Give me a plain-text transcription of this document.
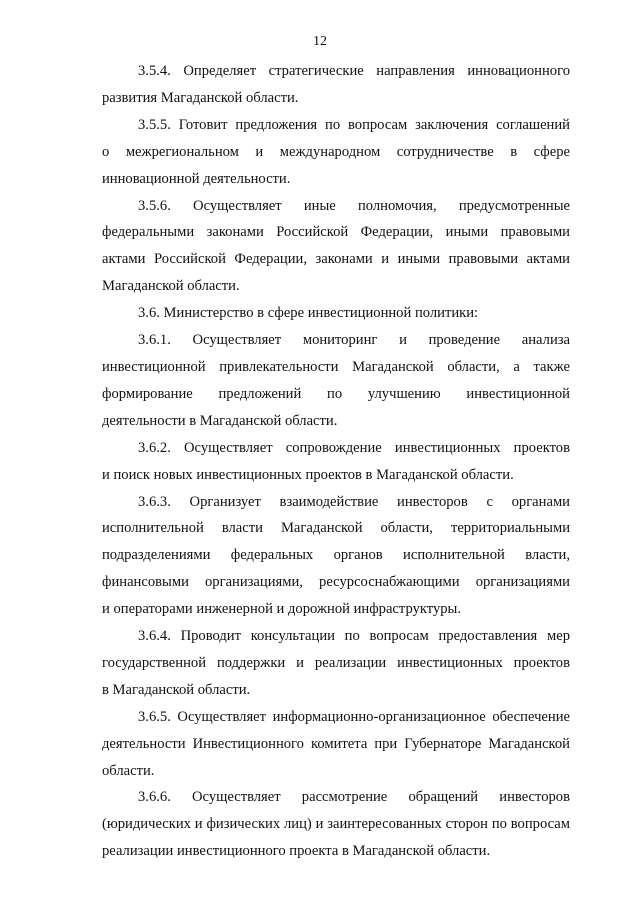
12

3.5.4. Определяет стратегические направления инновационного
развития Магаданской области.

3.5.5. Готовит предложения по вопросам заключения соглашений
о межрегиональном и международном сотрудничестве в сфере
инновационной деятельности.

3.5.6. Осуществляет иные полномочия, предусмотренные
федеральными законами Российской Федерации, иными правовыми
актами Российской Федерации, законами и иными правовыми актами
Магаданской области.

3.6. Министерство в сфере инвестиционной политики:

3.6.1. Осуществляет мониторинг и проведение анализа
инвестиционной привлекательности Магаданской области, а также
формирование предложений по улучшению инвестиционной
деятельности в Магаданской области.

3.6.2. Осуществляет сопровождение инвестиционных проектов
и поиск новых инвестиционных проектов в Магаданской области.

3.6.3. Организует взаимодействие инвесторов с органами
исполнительной власти Магаданской области, территориальными
подразделениями федеральных органов исполнительной власти,
финансовыми организациями, ресурсоснабжающими организациями
и операторами инженерной и дорожной инфраструктуры.

3.6.4. Проводит консультации по вопросам предоставления мер
государственной поддержки и реализации инвестиционных проектов
в Магаданской области.

3.6.5. Осуществляет информационно-организационное обеспечение
деятельности Инвестиционного комитета при Губернаторе Магаданской
области.

3.6.6. Осуществляет рассмотрение обращений инвесторов
(юридических и физических лиц) и заинтересованных сторон по вопросам
реализации инвестиционного проекта в Магаданской области.
